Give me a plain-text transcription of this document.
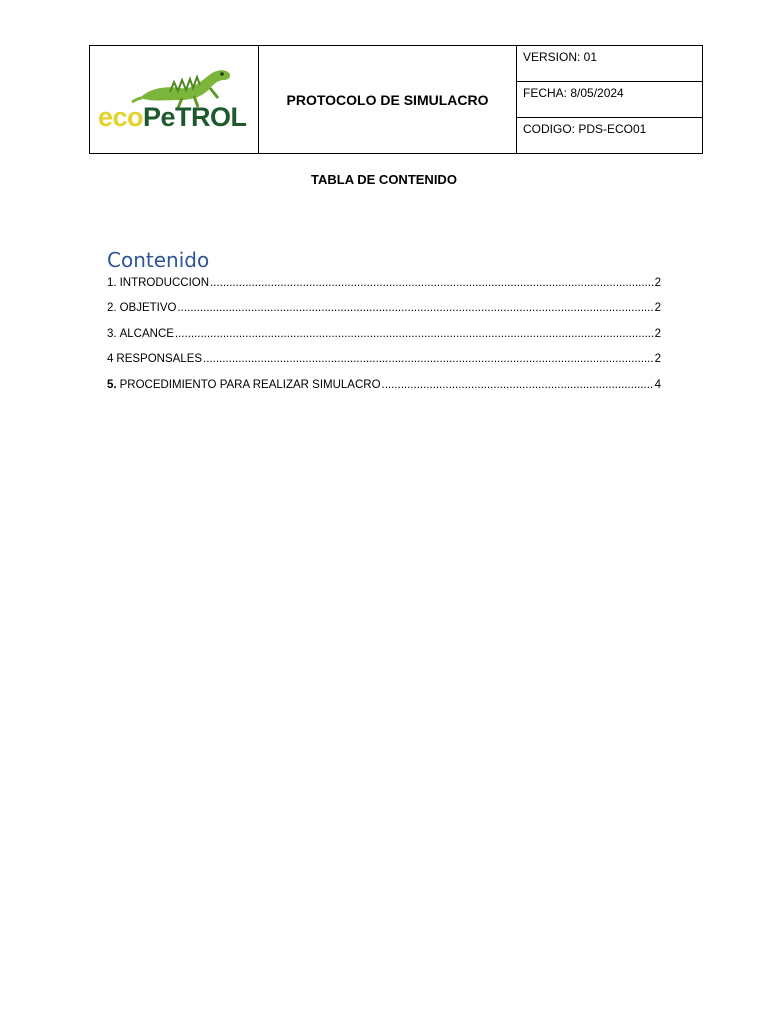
ecoPeTROL
	PROTOCOLO DE SIMULACRO	
VERSION: 01

FECHA: 8/05/2024

CODIGO: PDS-ECO01
TABLA DE CONTENIDO
Contenido
1. INTRODUCCION .....	2
2. OBJETIVO .....	2
3. ALCANCE .....	2
4 RESPONSALES .....	2
5. PROCEDIMIENTO PARA REALIZAR SIMULACRO .....	4
